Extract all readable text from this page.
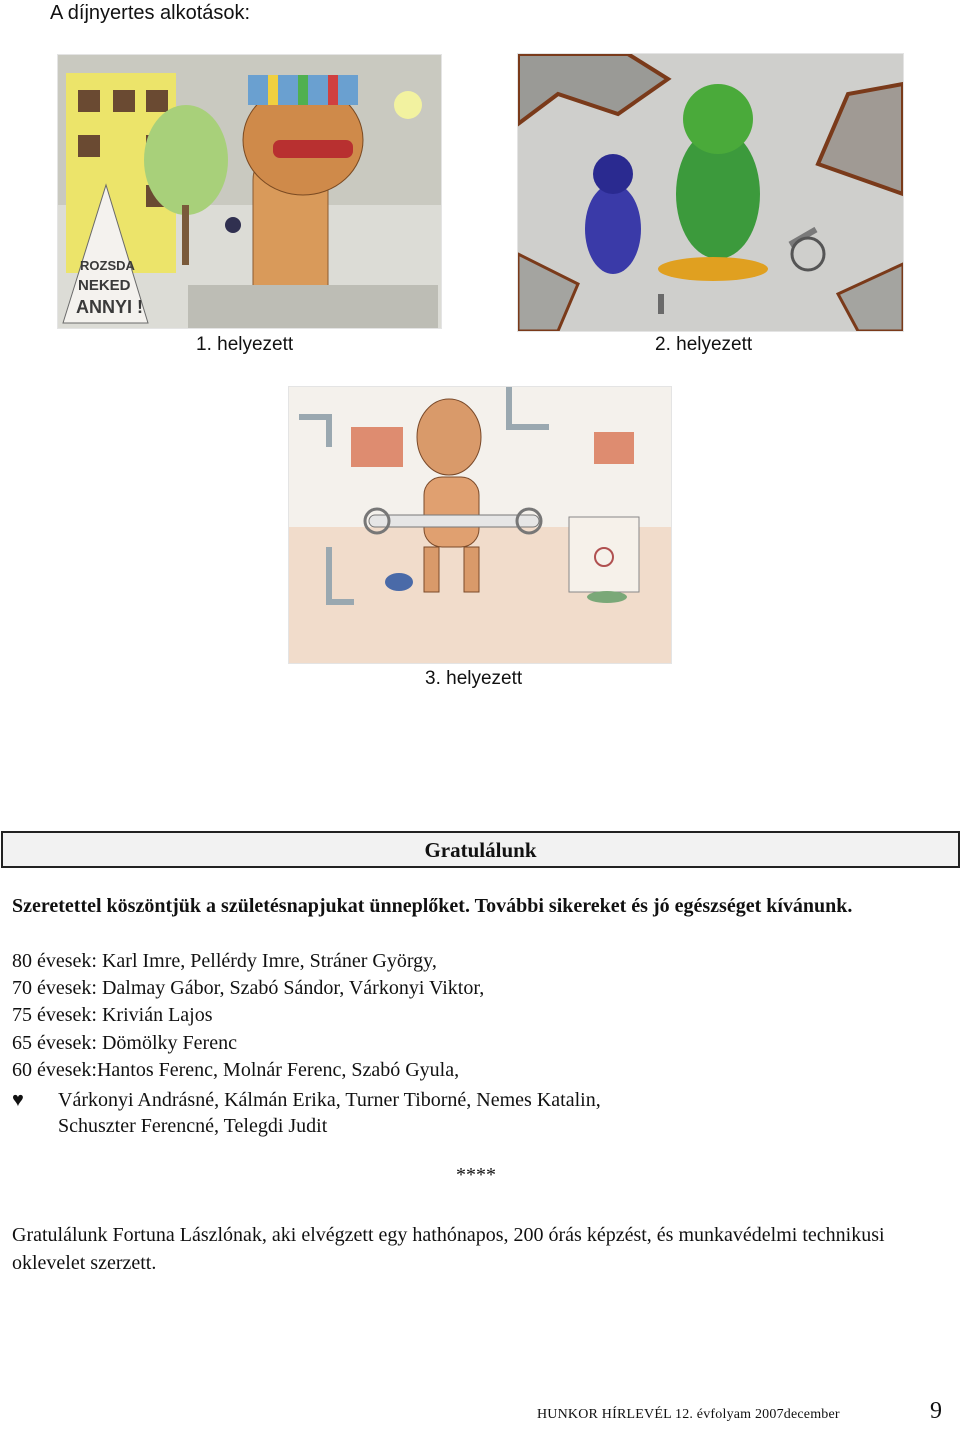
A díjnyertes alkotások:
ROZSDA
NEKED
ANNYI !
1. helyezett	2. helyezett
3. helyezett
Gratulálunk
Szeretettel köszöntjük a születésnapjukat ünneplőket. További sikereket és jó egészséget kívánunk.
80 évesek: Karl Imre, Pellérdy Imre, Stráner György,
70 évesek: Dalmay Gábor, Szabó Sándor, Várkonyi Viktor,
75 évesek: Krivián Lajos
65 évesek: Dömölky Ferenc
60 évesek:Hantos Ferenc, Molnár Ferenc, Szabó Gyula,
♥ Várkonyi Andrásné, Kálmán Erika, Turner Tiborné, Nemes Katalin,
Schuszter Ferencné, Telegdi Judit
****
Gratulálunk Fortuna Lászlónak, aki elvégzett egy hathónapos, 200 órás képzést, és munkavédelmi technikusi oklevelet szerzett.
HUNKOR HÍRLEVÉL 12. évfolyam 2007december	9
